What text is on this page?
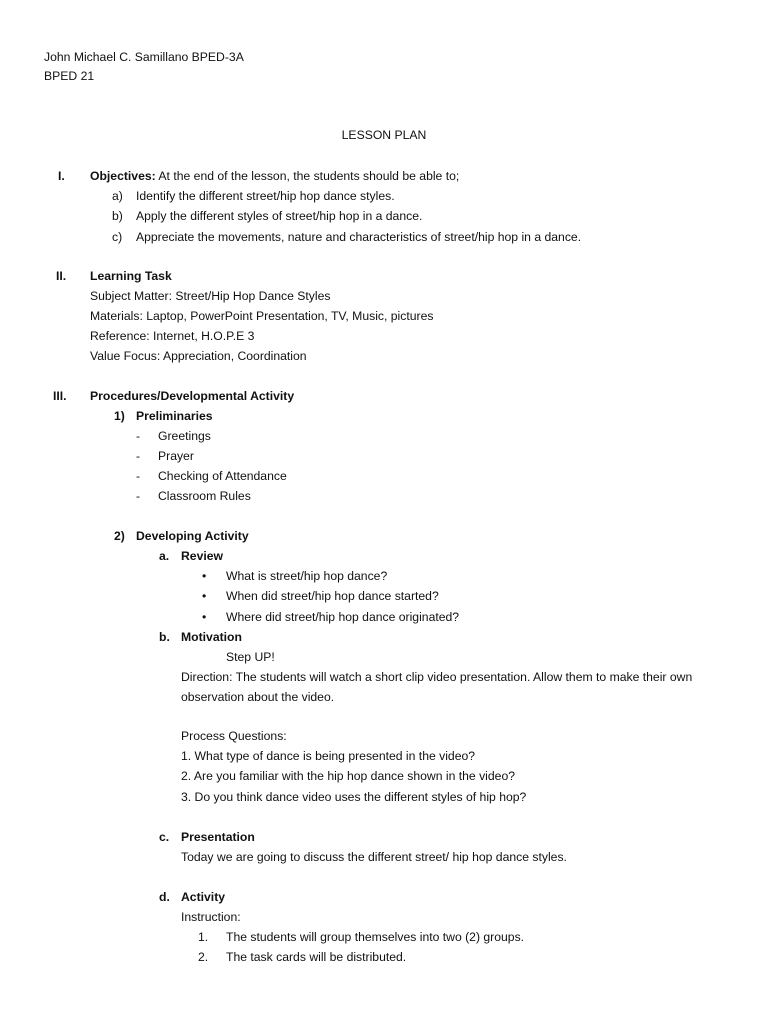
John Michael C. Samillano BPED-3A
BPED 21
LESSON PLAN
I. Objectives: At the end of the lesson, the students should be able to;
a) Identify the different street/hip hop dance styles.
b) Apply the different styles of street/hip hop in a dance.
c) Appreciate the movements, nature and characteristics of street/hip hop in a dance.
II. Learning Task
Subject Matter: Street/Hip Hop Dance Styles
Materials: Laptop, PowerPoint Presentation, TV, Music, pictures
Reference: Internet, H.O.P.E 3
Value Focus: Appreciation, Coordination
III. Procedures/Developmental Activity
1) Preliminaries
- Greetings
- Prayer
- Checking of Attendance
- Classroom Rules
2) Developing Activity
a. Review
• What is street/hip hop dance?
• When did street/hip hop dance started?
• Where did street/hip hop dance originated?
b. Motivation
Step UP!
Direction: The students will watch a short clip video presentation. Allow them to make their own observation about the video.
Process Questions:
1. What type of dance is being presented in the video?
2. Are you familiar with the hip hop dance shown in the video?
3. Do you think dance video uses the different styles of hip hop?
c. Presentation
Today we are going to discuss the different street/ hip hop dance styles.
d. Activity
Instruction:
1. The students will group themselves into two (2) groups.
2. The task cards will be distributed.
